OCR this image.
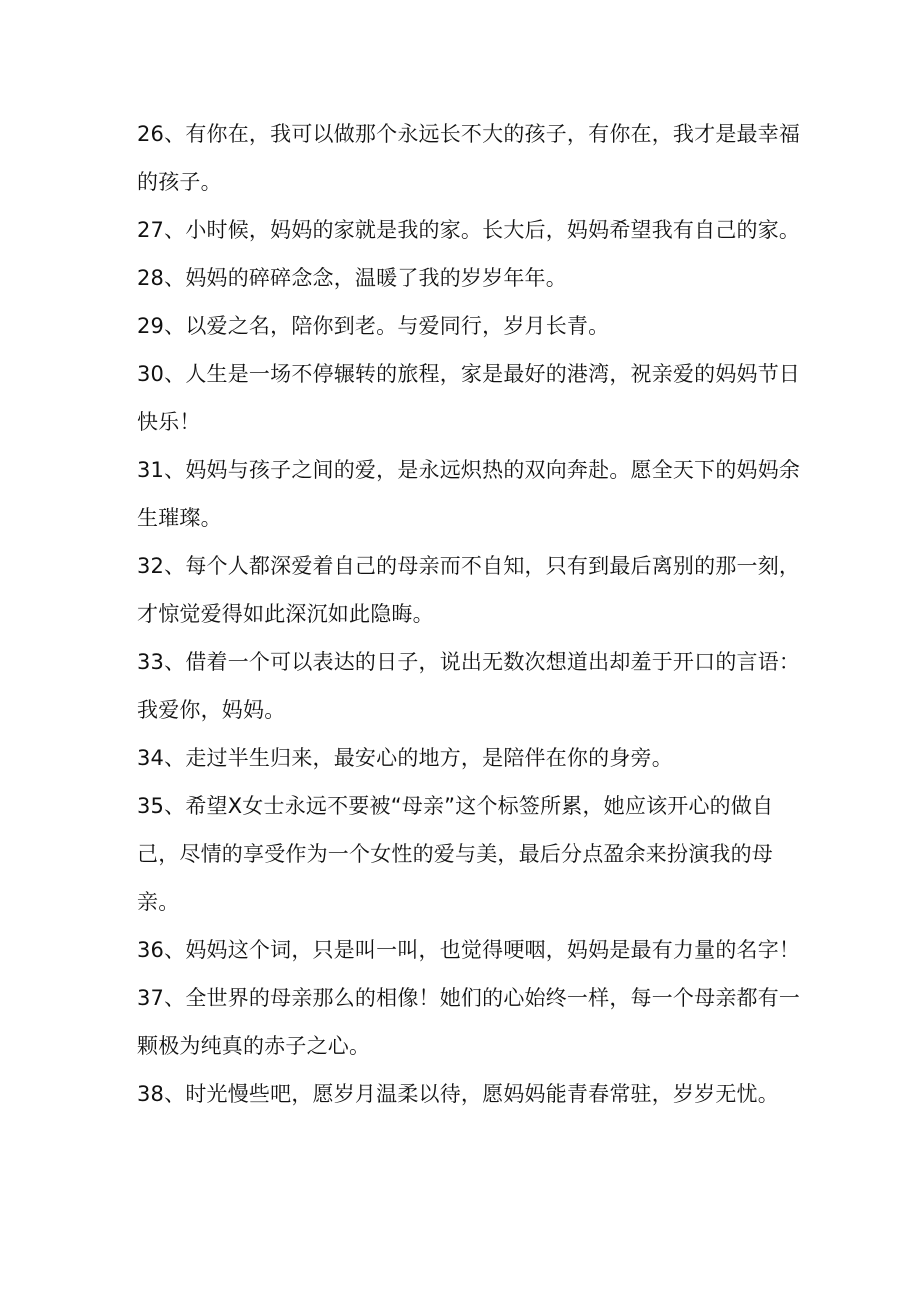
26、有你在，我可以做那个永远长不大的孩子，有你在，我才是最幸福的孩子。

27、小时候，妈妈的家就是我的家。长大后，妈妈希望我有自己的家。

28、妈妈的碎碎念念，温暖了我的岁岁年年。

29、以爱之名，陪你到老。与爱同行，岁月长青。

30、人生是一场不停辗转的旅程，家是最好的港湾，祝亲爱的妈妈节日快乐！

31、妈妈与孩子之间的爱，是永远炽热的双向奔赴。愿全天下的妈妈余生璀璨。

32、每个人都深爱着自己的母亲而不自知，只有到最后离别的那一刻，才惊觉爱得如此深沉如此隐晦。

33、借着一个可以表达的日子，说出无数次想道出却羞于开口的言语：我爱你，妈妈。

34、走过半生归来，最安心的地方，是陪伴在你的身旁。

35、希望X女士永远不要被“母亲”这个标签所累，她应该开心的做自己，尽情的享受作为一个女性的爱与美，最后分点盈余来扮演我的母亲。

36、妈妈这个词，只是叫一叫，也觉得哽咽，妈妈是最有力量的名字！

37、全世界的母亲那么的相像！她们的心始终一样，每一个母亲都有一颗极为纯真的赤子之心。

38、时光慢些吧，愿岁月温柔以待，愿妈妈能青春常驻，岁岁无忧。
